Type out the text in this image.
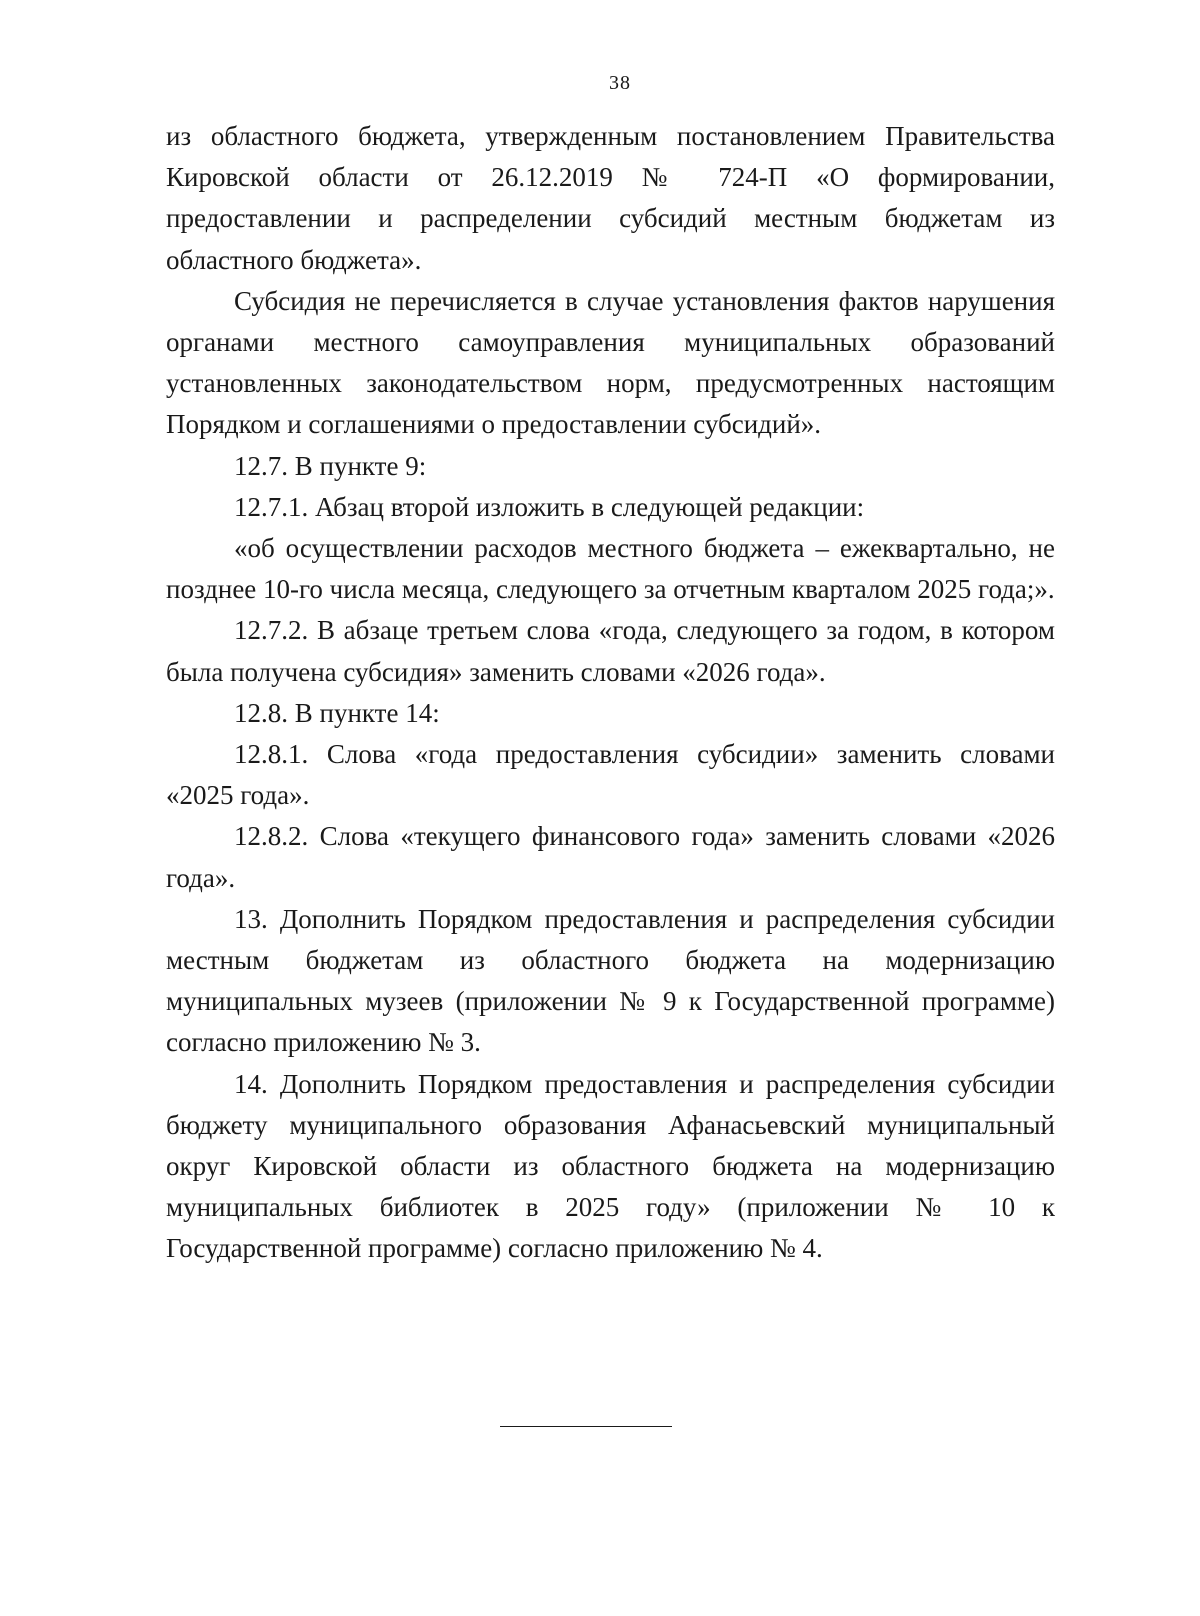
38

из областного бюджета, утвержденным постановлением Правительства Кировской области от 26.12.2019 № 724-П «О формировании, предоставлении и распределении субсидий местным бюджетам из областного бюджета».

Субсидия не перечисляется в случае установления фактов нарушения органами местного самоуправления муниципальных образований установленных законодательством норм, предусмотренных настоящим Порядком и соглашениями о предоставлении субсидий».

12.7. В пункте 9:

12.7.1. Абзац второй изложить в следующей редакции:

«об осуществлении расходов местного бюджета – ежеквартально, не позднее 10-го числа месяца, следующего за отчетным кварталом 2025 года;».

12.7.2. В абзаце третьем слова «года, следующего за годом, в котором была получена субсидия» заменить словами «2026 года».

12.8. В пункте 14:

12.8.1. Слова «года предоставления субсидии» заменить словами «2025 года».

12.8.2. Слова «текущего финансового года» заменить словами «2026 года».

13. Дополнить Порядком предоставления и распределения субсидии местным бюджетам из областного бюджета на модернизацию муниципальных музеев (приложении № 9 к Государственной программе) согласно приложению № 3.

14. Дополнить Порядком предоставления и распределения субсидии бюджету муниципального образования Афанасьевский муниципальный округ Кировской области из областного бюджета на модернизацию муниципальных библиотек в 2025 году» (приложении № 10 к Государственной программе) согласно приложению № 4.
